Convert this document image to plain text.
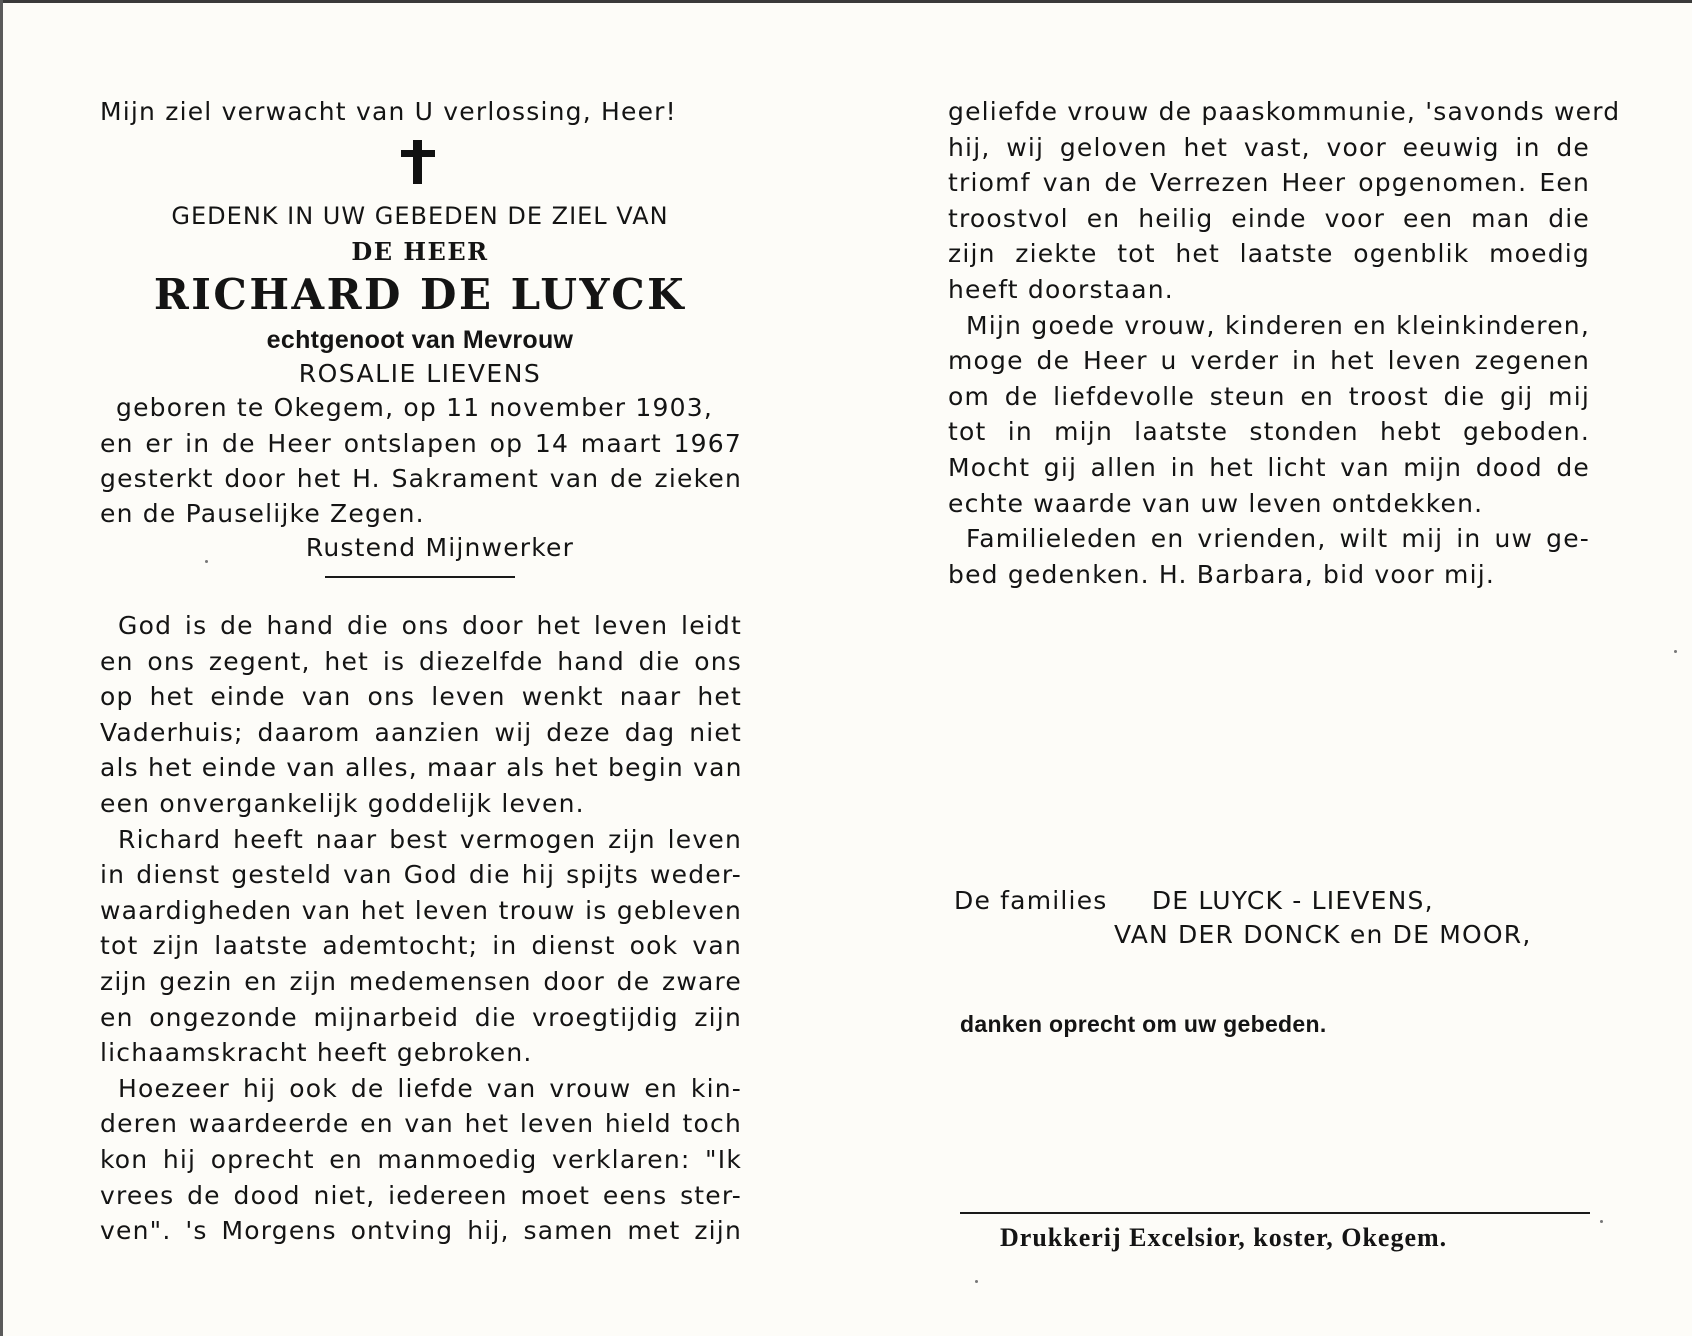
Mijn ziel verwacht van U verlossing, Heer!
GEDENK IN UW GEBEDEN DE ZIEL VAN
DE HEER
RICHARD DE LUYCK
echtgenoot van Mevrouw
ROSALIE LIEVENS
geboren te Okegem, op 11 november 1903,
en er in de Heer ontslapen op 14 maart 1967
gesterkt door het H. Sakrament van de zieken
en de Pauselijke Zegen.
Rustend Mijnwerker
God is de hand die ons door het leven leidt
en ons zegent, het is diezelfde hand die ons
op het einde van ons leven wenkt naar het
Vaderhuis; daarom aanzien wij deze dag niet
als het einde van alles, maar als het begin van
een onvergankelijk goddelijk leven.
Richard heeft naar best vermogen zijn leven
in dienst gesteld van God die hij spijts weder-
waardigheden van het leven trouw is gebleven
tot zijn laatste ademtocht; in dienst ook van
zijn gezin en zijn medemensen door de zware
en ongezonde mijnarbeid die vroegtijdig zijn
lichaamskracht heeft gebroken.
Hoezeer hij ook de liefde van vrouw en kin-
deren waardeerde en van het leven hield toch
kon hij oprecht en manmoedig verklaren: "Ik
vrees de dood niet, iedereen moet eens ster-
ven". 's Morgens ontving hij, samen met zijn
geliefde vrouw de paaskommunie, 'savonds werd
hij, wij geloven het vast, voor eeuwig in de
triomf van de Verrezen Heer opgenomen. Een
troostvol en heilig einde voor een man die
zijn ziekte tot het laatste ogenblik moedig
heeft doorstaan.
Mijn goede vrouw, kinderen en kleinkinderen,
moge de Heer u verder in het leven zegenen
om de liefdevolle steun en troost die gij mij
tot in mijn laatste stonden hebt geboden.
Mocht gij allen in het licht van mijn dood de
echte waarde van uw leven ontdekken.
Familieleden en vrienden, wilt mij in uw ge-
bed gedenken. H. Barbara, bid voor mij.
De families DE LUYCK - LIEVENS,
VAN DER DONCK en DE MOOR,
danken oprecht om uw gebeden.
Drukkerij Excelsior, koster, Okegem.
